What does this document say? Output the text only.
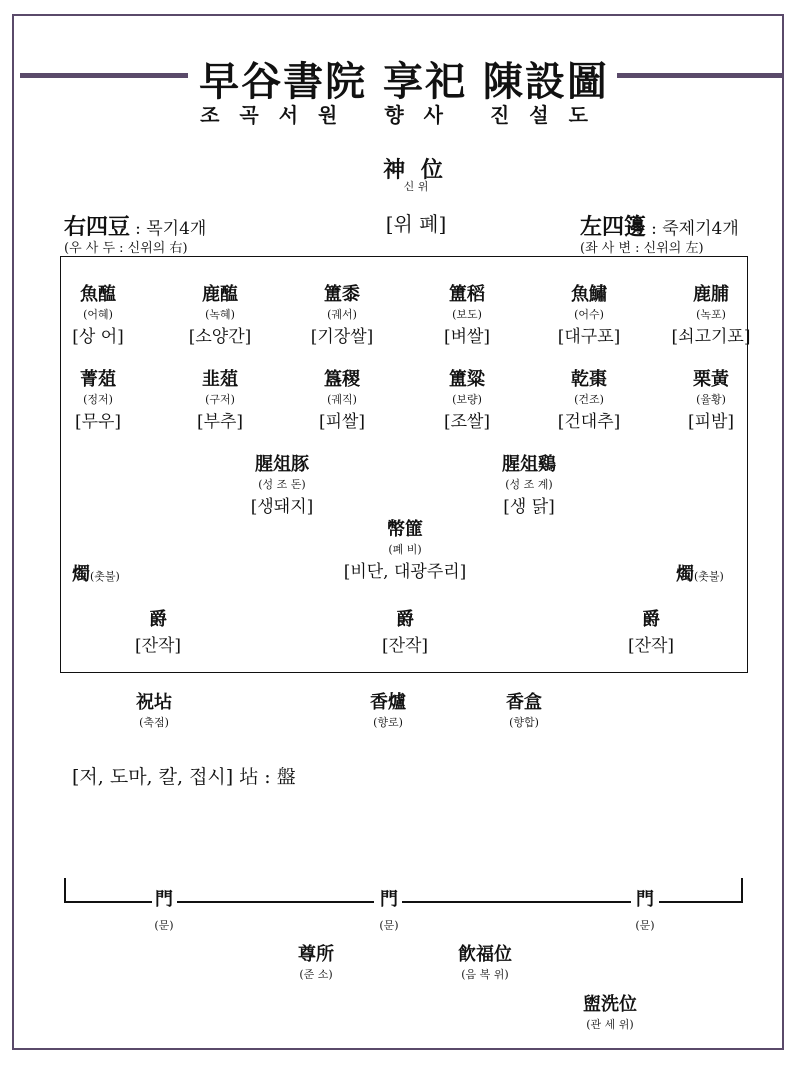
早谷書院 享祀 陳設圖
조곡서원 향사 진설도
神 位
신 위
[위 폐]
右四豆 : 목기4개
(우 사 두 : 신위의 右)
左四籩 : 죽제기4개
(좌 사 변 : 신위의 左)
魚醢
(어혜)
[상 어]
鹿醢
(녹혜)
[소양간]
簠黍
(궤서)
[기장쌀]
簠稻
(보도)
[벼쌀]
魚鱐
(어수)
[대구포]
鹿脯
(녹포)
[쇠고기포]
菁葅
(정저)
[무우]
韭葅
(구저)
[부추]
簋稷
(궤직)
[피쌀]
簠粱
(보량)
[조쌀]
乾棗
(건조)
[건대추]
栗黃
(율황)
[피밤]
腥俎豚
(성 조 돈)
[생돼지]
腥俎鷄
(성 조 계)
[생 닭]
幣篚
(폐 비)
[비단, 대광주리]
燭(촛불)	燭(촛불)
爵
[잔작]
爵
[잔작]
爵
[잔작]
祝坫
(축점)
香爐
(향로)
香盒
(향합)
[저, 도마, 칼, 접시] 坫 : 盤
門
(문)
門
(문)
門
(문)
尊所
(준 소)
飮福位
(음 복 위)
盥洗位
(관 세 위)
